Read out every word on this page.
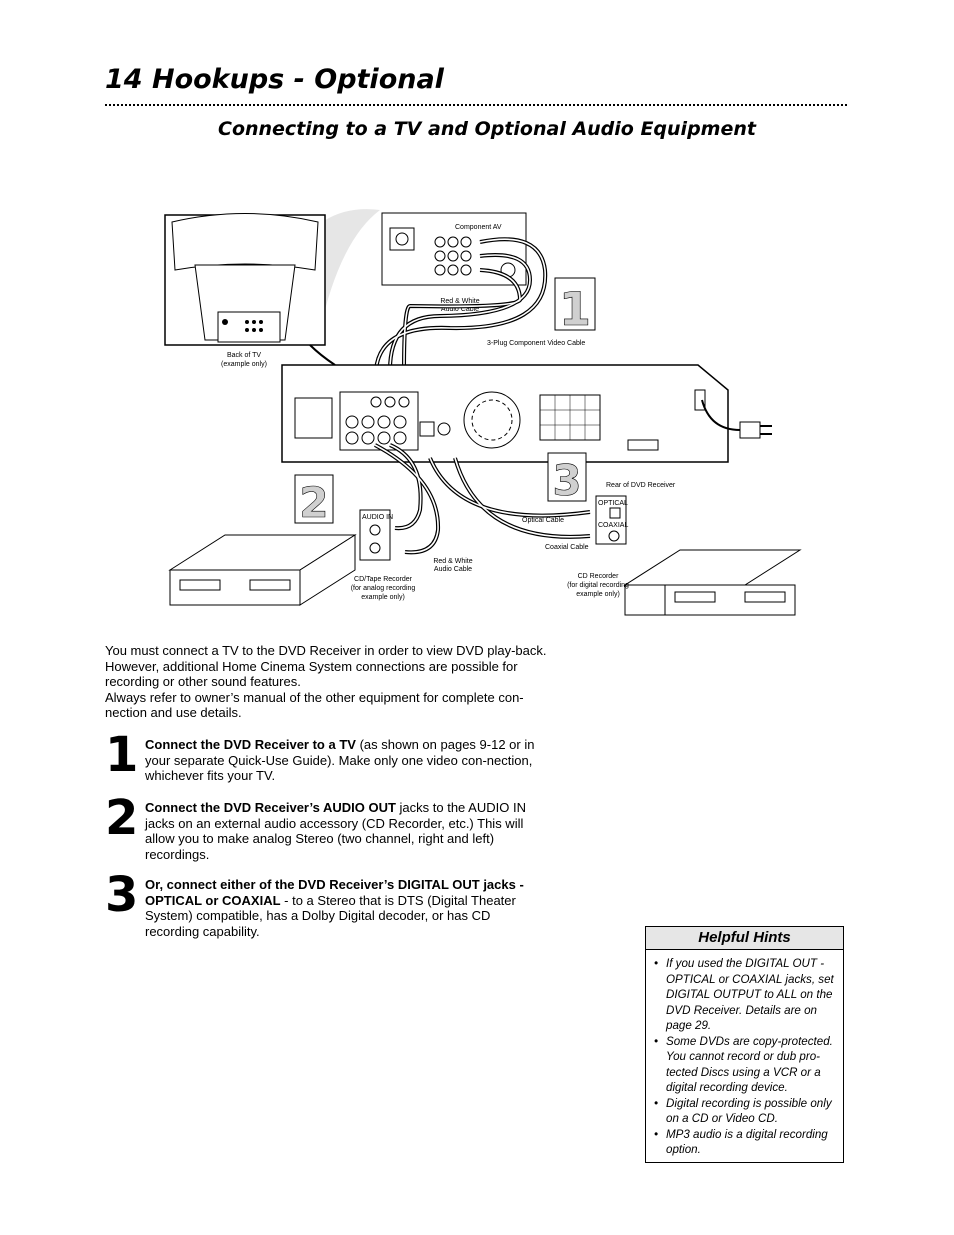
14 Hookups - Optional
Connecting to a TV and Optional Audio Equipment
Back of TV
(example only)
Component AV
Red & White
Audio Cable
3-Plug Component Video Cable
1
2	3
AUDIO IN
OPTICAL
COAXIAL
Rear of DVD Receiver
Optical Cable
Coaxial Cable
Red & White
Audio Cable
CD/Tape Recorder
(for analog recording
example only)
CD Recorder
(for digital recording
example only)

You must connect a TV to the DVD Receiver in order to view DVD play-back. However, additional Home Cinema System connections are possible for recording or other sound features.

Always refer to owner’s manual of the other equipment for complete con-nection and use details.

1 Connect the DVD Receiver to a TV (as shown on pages 9-12 or in your separate Quick-Use Guide). Make only one video con-nection, whichever fits your TV.
2 Connect the DVD Receiver’s AUDIO OUT jacks to the AUDIO IN jacks on an external audio accessory (CD Recorder, etc.) This will allow you to make analog Stereo (two channel, right and left) recordings.
3 Or, connect either of the DVD Receiver’s DIGITAL OUT jacks - OPTICAL or COAXIAL - to a Stereo that is DTS (Digital Theater System) compatible, has a Dolby Digital decoder, or has CD recording capability.	Helpful Hints
• If you used the DIGITAL OUT - OPTICAL or COAXIAL jacks, set DIGITAL OUTPUT to ALL on the DVD Receiver. Details are on page 29.
• Some DVDs are copy-protected. You cannot record or dub pro-tected Discs using a VCR or a digital recording device.
• Digital recording is possible only on a CD or Video CD.
• MP3 audio is a digital recording option.
